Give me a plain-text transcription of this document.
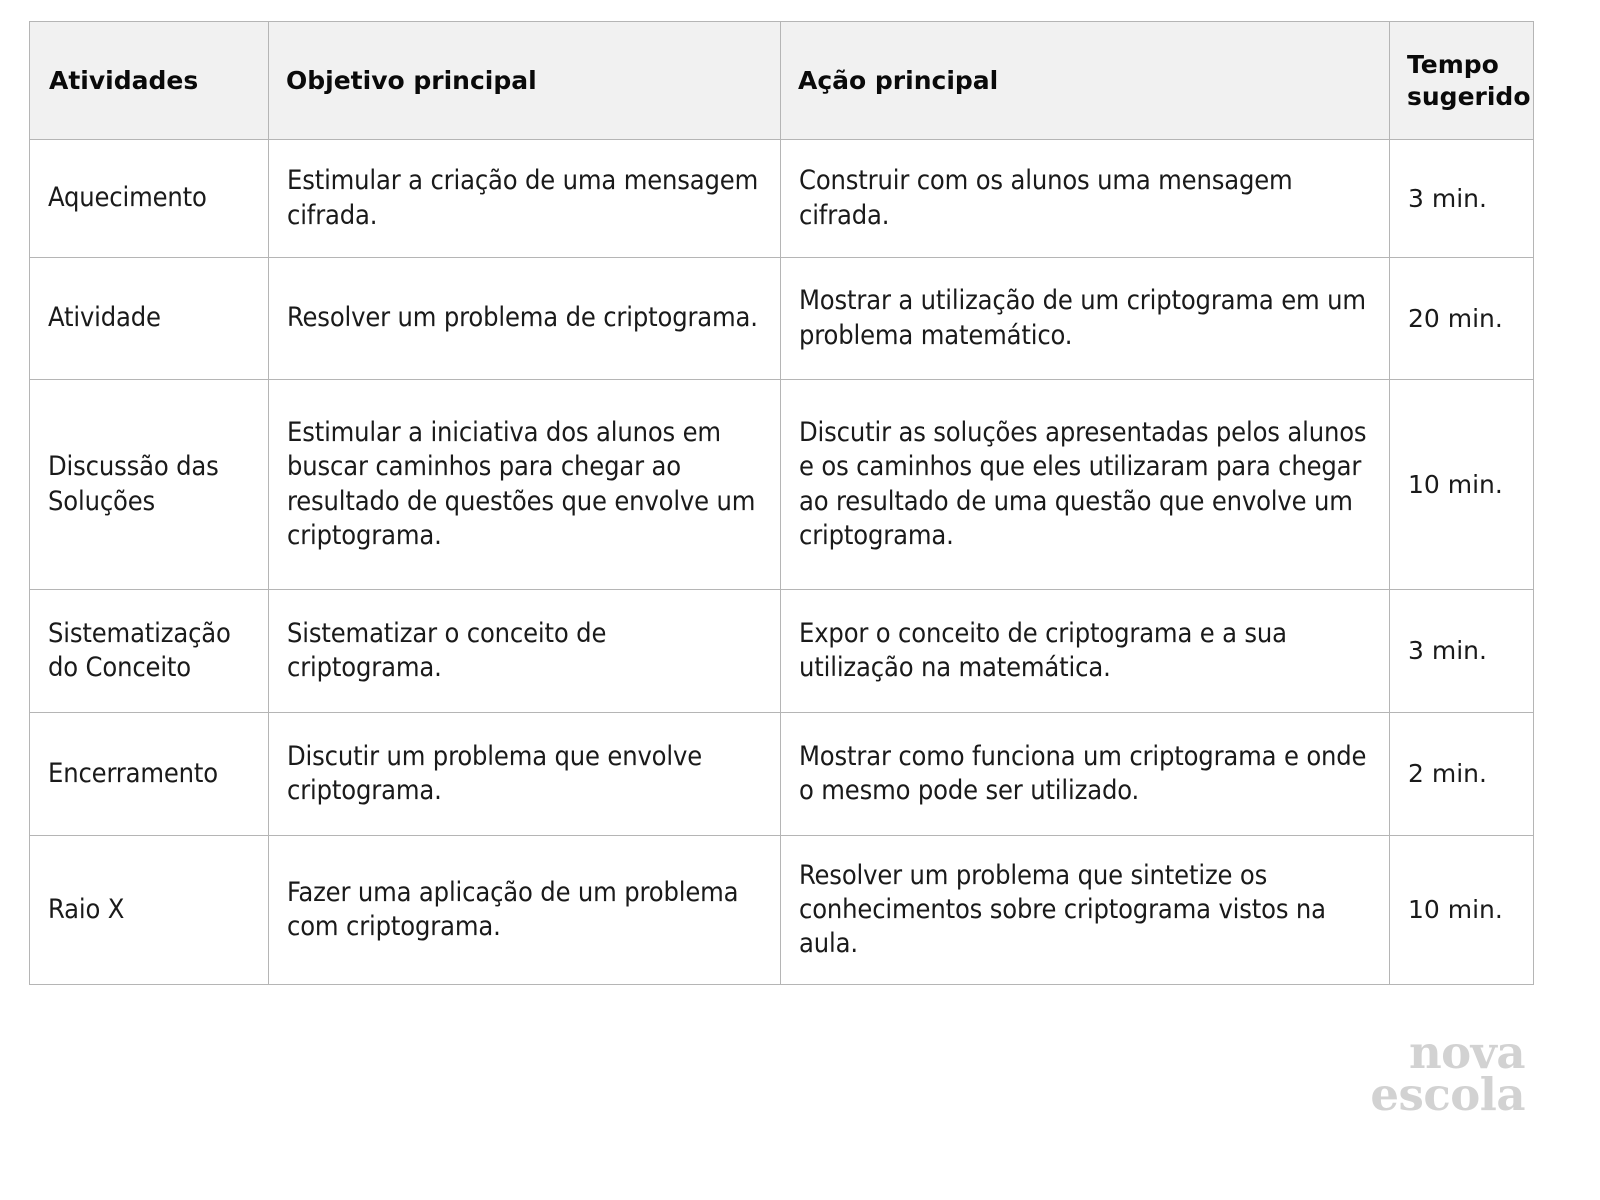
Atividades	Objetivo principal	Ação principal	Tempo
sugerido
Aquecimento	Estimular a criação de uma mensagem cifrada.	Construir com os alunos uma mensagem cifrada.	3 min.
Atividade	Resolver um problema de criptograma.	Mostrar a utilização de um criptograma em um problema matemático.	20 min.
Discussão das Soluções	Estimular a iniciativa dos alunos em buscar caminhos para chegar ao resultado de questões que envolve um criptograma.	Discutir as soluções apresentadas pelos alunos e os caminhos que eles utilizaram para chegar ao resultado de uma questão que envolve um criptograma.	10 min.
Sistematização do Conceito	Sistematizar o conceito de criptograma.	Expor o conceito de criptograma e a sua utilização na matemática.	3 min.
Encerramento	Discutir um problema que envolve criptograma.	Mostrar como funciona um criptograma e onde o mesmo pode ser utilizado.	2 min.
Raio X	Fazer uma aplicação de um problema com criptograma.	Resolver um problema que sintetize os conhecimentos sobre criptograma vistos na aula.	10 min.
nova
escola
